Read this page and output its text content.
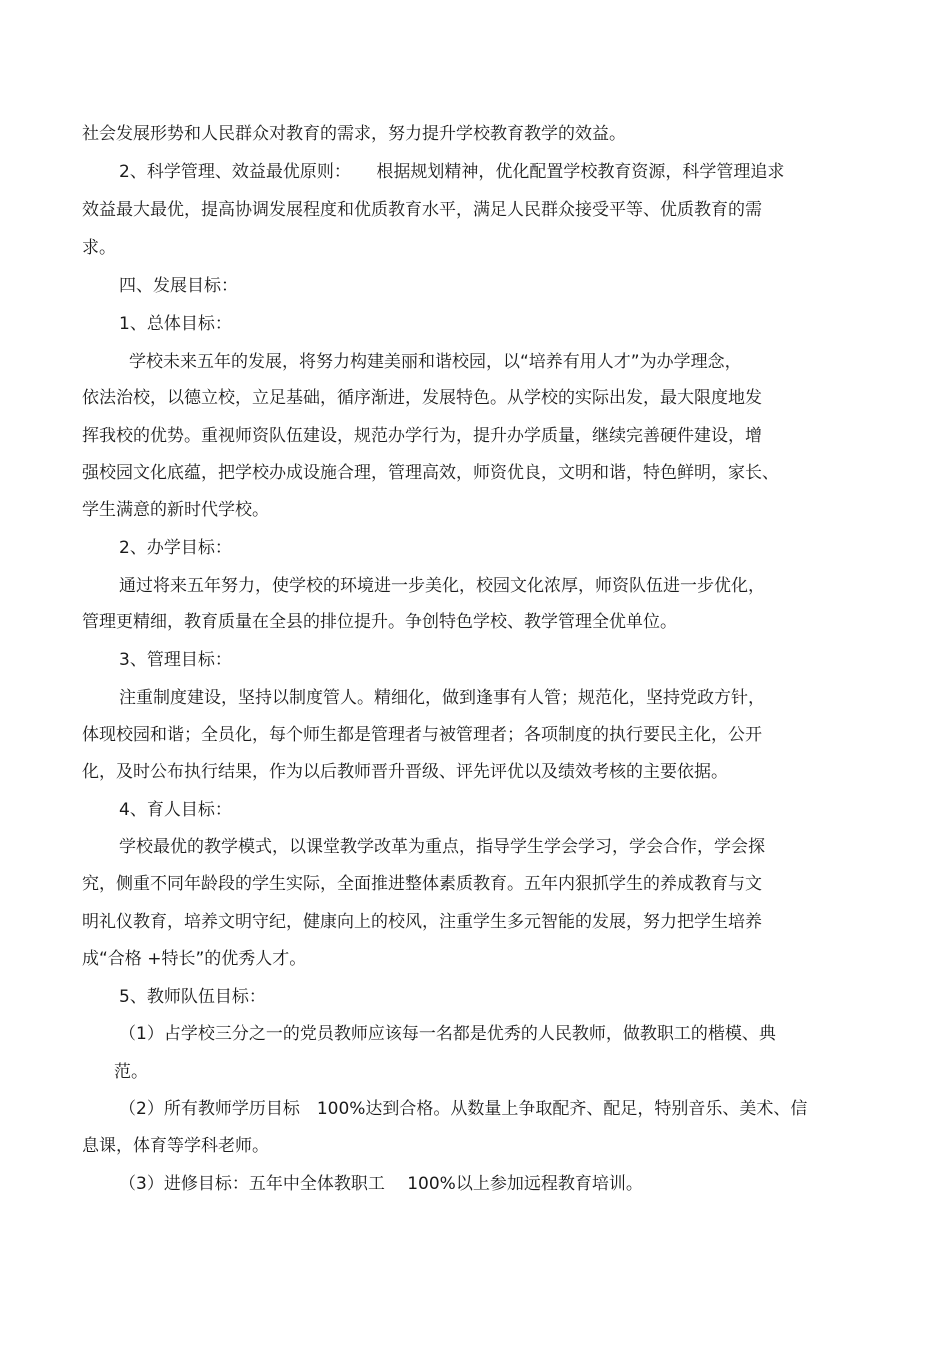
社会发展形势和人民群众对教育的需求，努力提升学校教育教学的效益。
2、科学管理、效益最优原则：　　根据规划精神，优化配置学校教育资源，科学管理追求
效益最大最优，提高协调发展程度和优质教育水平，满足人民群众接受平等、优质教育的需
求。
四、发展目标：
1、总体目标：
学校未来五年的发展，将努力构建美丽和谐校园，以“培养有用人才”为办学理念，
依法治校，以德立校，立足基础，循序渐进，发展特色。从学校的实际出发，最大限度地发
挥我校的优势。重视师资队伍建设，规范办学行为，提升办学质量，继续完善硬件建设，增
强校园文化底蕴，把学校办成设施合理，管理高效，师资优良，文明和谐，特色鲜明，家长、
学生满意的新时代学校。
2、办学目标：
通过将来五年努力，使学校的环境进一步美化，校园文化浓厚，师资队伍进一步优化，
管理更精细，教育质量在全县的排位提升。争创特色学校、教学管理全优单位。
3、管理目标：
注重制度建设，坚持以制度管人。精细化，做到逢事有人管；规范化，坚持党政方针，
体现校园和谐；全员化，每个师生都是管理者与被管理者；各项制度的执行要民主化，公开
化，及时公布执行结果，作为以后教师晋升晋级、评先评优以及绩效考核的主要依据。
4、育人目标：
学校最优的教学模式，以课堂教学改革为重点，指导学生学会学习，学会合作，学会探
究，侧重不同年龄段的学生实际，全面推进整体素质教育。五年内狠抓学生的养成教育与文
明礼仪教育，培养文明守纪，健康向上的校风，注重学生多元智能的发展，努力把学生培养
成“合格 +特长”的优秀人才。
5、教师队伍目标：
（1）占学校三分之一的党员教师应该每一名都是优秀的人民教师，做教职工的楷模、典
范。
（2）所有教师学历目标　100%达到合格。从数量上争取配齐、配足，特别音乐、美术、信
息课，体育等学科老师。
（3）进修目标：五年中全体教职工　 100%以上参加远程教育培训。
